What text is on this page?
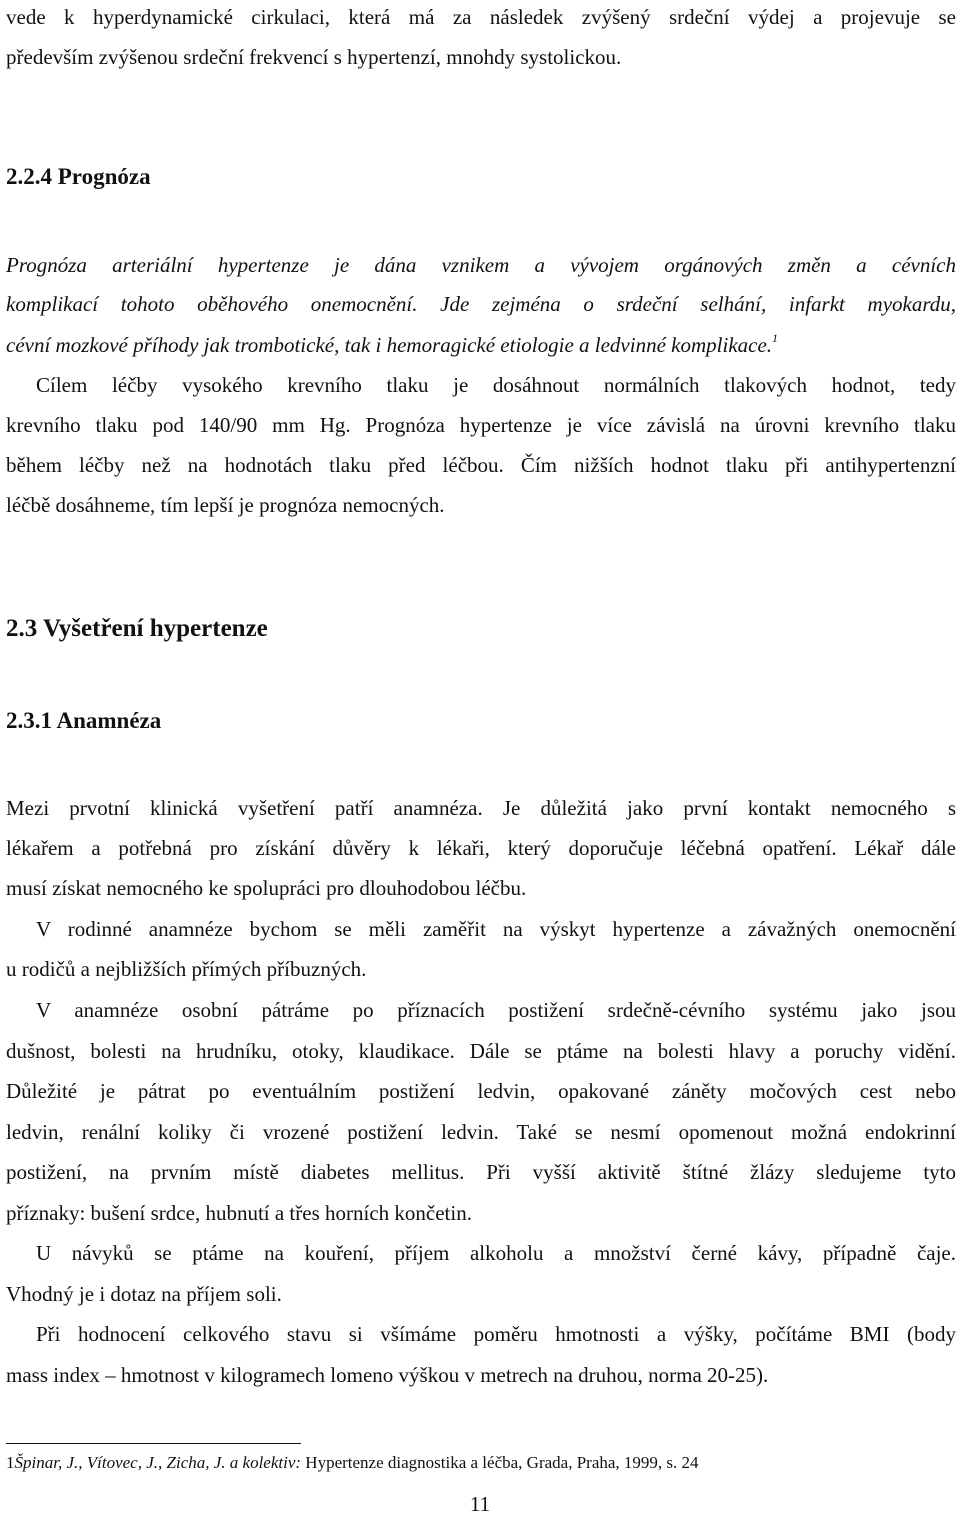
vede k hyperdynamické cirkulaci, která má za následek zvýšený srdeční výdej a projevuje se
především zvýšenou srdeční frekvencí s hypertenzí, mnohdy systolickou.
2.2.4 Prognóza
Prognóza arteriální hypertenze je dána vznikem a vývojem orgánových změn a cévních
komplikací tohoto oběhového onemocnění. Jde zejména o srdeční selhání, infarkt myokardu,
cévní mozkové příhody jak trombotické, tak i hemoragické etiologie a ledvinné komplikace.$^1$
Cílem léčby vysokého krevního tlaku je dosáhnout normálních tlakových hodnot, tedy
krevního tlaku pod 140/90 mm Hg. Prognóza hypertenze je více závislá na úrovni krevního tlaku
během léčby než na hodnotách tlaku před léčbou. Čím nižších hodnot tlaku při antihypertenzní
léčbě dosáhneme, tím lepší je prognóza nemocných.
2.3 Vyšetření hypertenze
2.3.1 Anamnéza
Mezi prvotní klinická vyšetření patří anamnéza. Je důležitá jako první kontakt nemocného s
lékařem a potřebná pro získání důvěry k lékaři, který doporučuje léčebná opatření. Lékař dále
musí získat nemocného ke spolupráci pro dlouhodobou léčbu.
V rodinné anamnéze bychom se měli zaměřit na výskyt hypertenze a závažných onemocnění
u rodičů a nejbližších přímých příbuzných.
V anamnéze osobní pátráme po příznacích postižení srdečně-cévního systému jako jsou
dušnost, bolesti na hrudníku, otoky, klaudikace. Dále se ptáme na bolesti hlavy a poruchy vidění.
Důležité je pátrat po eventuálním postižení ledvin, opakované záněty močových cest nebo
ledvin, renální koliky či vrozené postižení ledvin. Také se nesmí opomenout možná endokrinní
postižení, na prvním místě diabetes mellitus. Při vyšší aktivitě štítné žlázy sledujeme tyto
příznaky: bušení srdce, hubnutí a třes horních končetin.
U návyků se ptáme na kouření, příjem alkoholu a množství černé kávy, případně čaje.
Vhodný je i dotaz na příjem soli.
Při hodnocení celkového stavu si všímáme poměru hmotnosti a výšky, počítáme BMI (body
mass index – hmotnost v kilogramech lomeno výškou v metrech na druhou, norma 20-25).
1Špinar, J., Vítovec, J., Zicha, J. a kolektiv: Hypertenze diagnostika a léčba, Grada, Praha, 1999, s. 24
11
